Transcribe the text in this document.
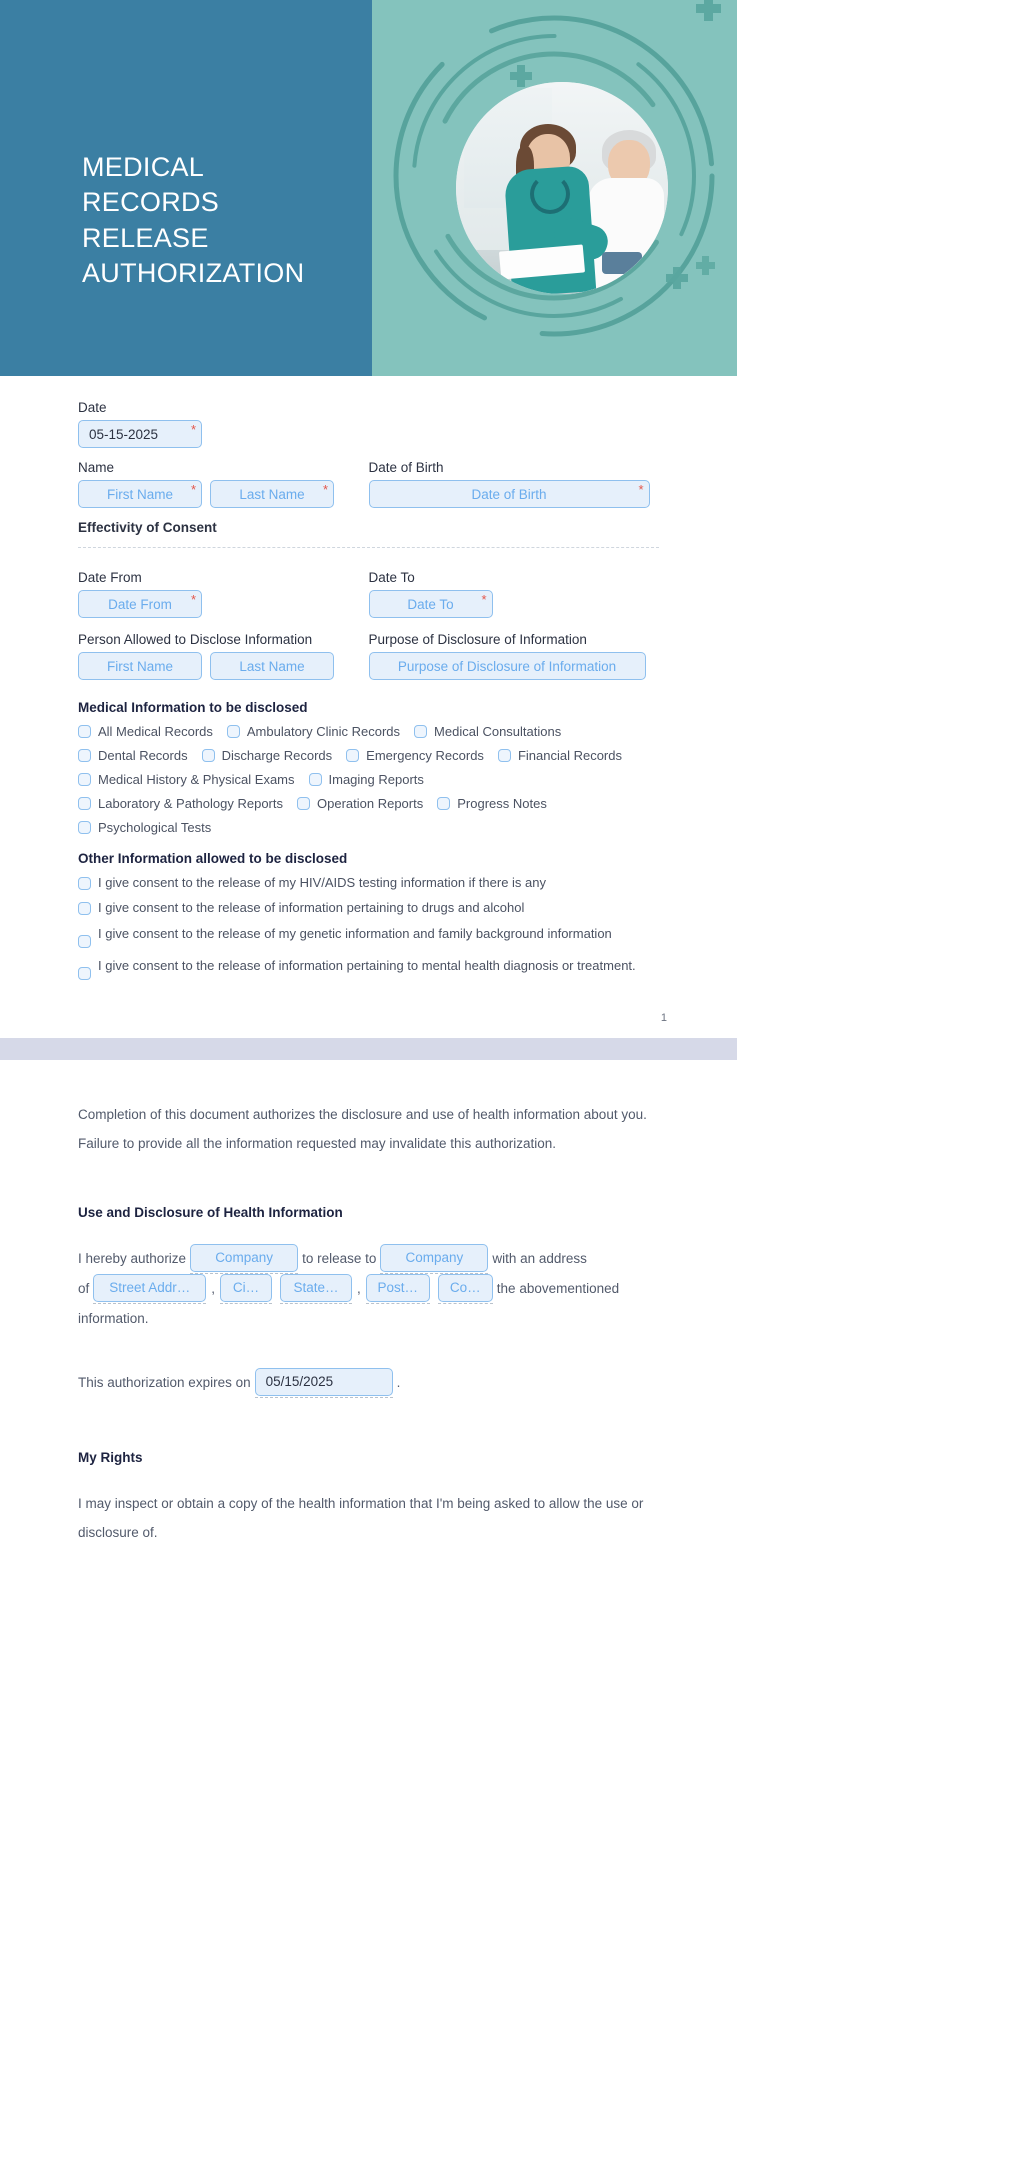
MEDICAL
RECORDS
RELEASE
AUTHORIZATION
Date
05-15-2025	*
Name
First Name *	Last Name *
Date of Birth
Date of Birth	*
Effectivity of Consent
Date From
Date From *
Date To
Date To *
Person Allowed to Disclose Information
First Name	Last Name
Purpose of Disclosure of Information
Purpose of Disclosure of Information
Medical Information to be disclosed
All Medical Records	Ambulatory Clinic Records	Medical Consultations
Dental Records	Discharge Records	Emergency Records	Financial Records
Medical History & Physical Exams	Imaging Reports
Laboratory & Pathology Reports	Operation Reports	Progress Notes
Psychological Tests
Other Information allowed to be disclosed
I give consent to the release of my HIV/AIDS testing information if there is any
I give consent to the release of information pertaining to drugs and alcohol
I give consent to the release of my genetic information and family background information
I give consent to the release of information pertaining to mental health diagnosis or treatment.
1
Completion of this document authorizes the disclosure and use of health information about you. Failure to provide all the information requested may invalidate this authorization.
Use and Disclosure of Health Information
I hereby authorize Company to release to Company with an address
of Street Addr… , Ci…	State… , Post… Co… the abovementioned
information.
This authorization expires on 05/15/2025	.
My Rights
I may inspect or obtain a copy of the health information that I'm being asked to allow the use or disclosure of.
